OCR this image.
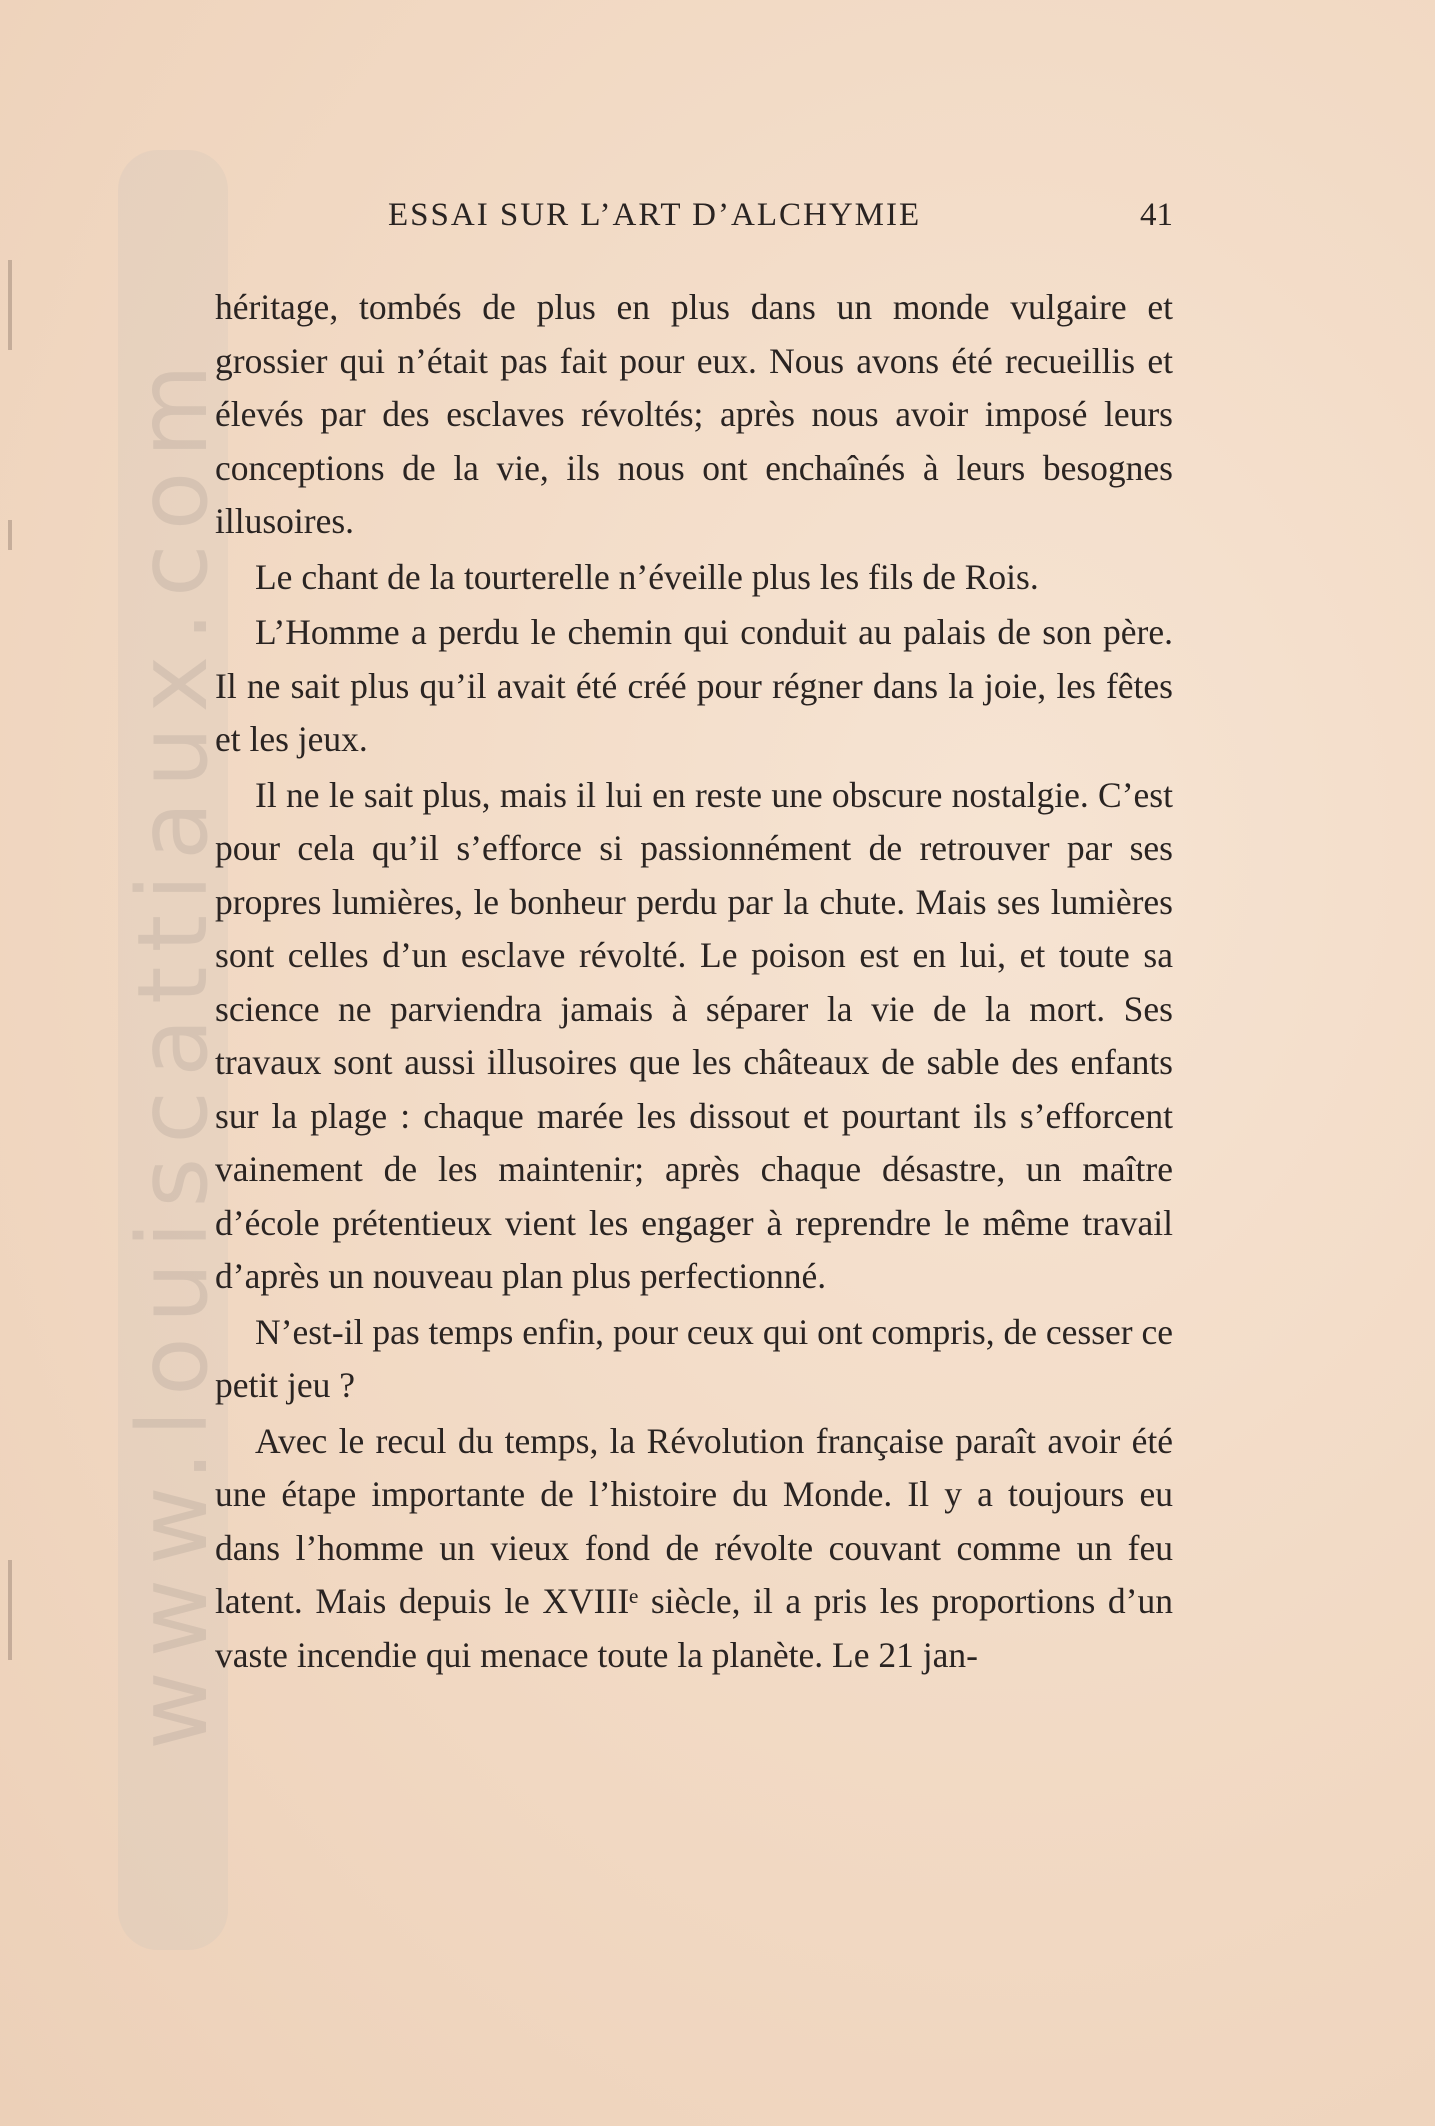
www.louiscattiaux.com
ESSAI SUR L’ART D’ALCHYMIE	41

héritage, tombés de plus en plus dans un monde vulgaire et grossier qui n’était pas fait pour eux. Nous avons été recueillis et élevés par des esclaves révoltés; après nous avoir imposé leurs conceptions de la vie, ils nous ont enchaînés à leurs besognes illusoires.

Le chant de la tourterelle n’éveille plus les fils de Rois.

L’Homme a perdu le chemin qui conduit au palais de son père. Il ne sait plus qu’il avait été créé pour régner dans la joie, les fêtes et les jeux.

Il ne le sait plus, mais il lui en reste une obscure nostalgie. C’est pour cela qu’il s’efforce si passionnément de retrouver par ses propres lumières, le bonheur perdu par la chute. Mais ses lumières sont celles d’un esclave révolté. Le poison est en lui, et toute sa science ne parviendra jamais à séparer la vie de la mort. Ses travaux sont aussi illusoires que les châteaux de sable des enfants sur la plage : chaque marée les dissout et pourtant ils s’efforcent vainement de les maintenir; après chaque désastre, un maître d’école prétentieux vient les engager à reprendre le même travail d’après un nouveau plan plus perfectionné.

N’est-il pas temps enfin, pour ceux qui ont compris, de cesser ce petit jeu ?

Avec le recul du temps, la Révolution française paraît avoir été une étape importante de l’histoire du Monde. Il y a toujours eu dans l’homme un vieux fond de révolte couvant comme un feu latent. Mais depuis le XVIIIᵉ siècle, il a pris les proportions d’un vaste incendie qui menace toute la planète. Le 21 jan-
